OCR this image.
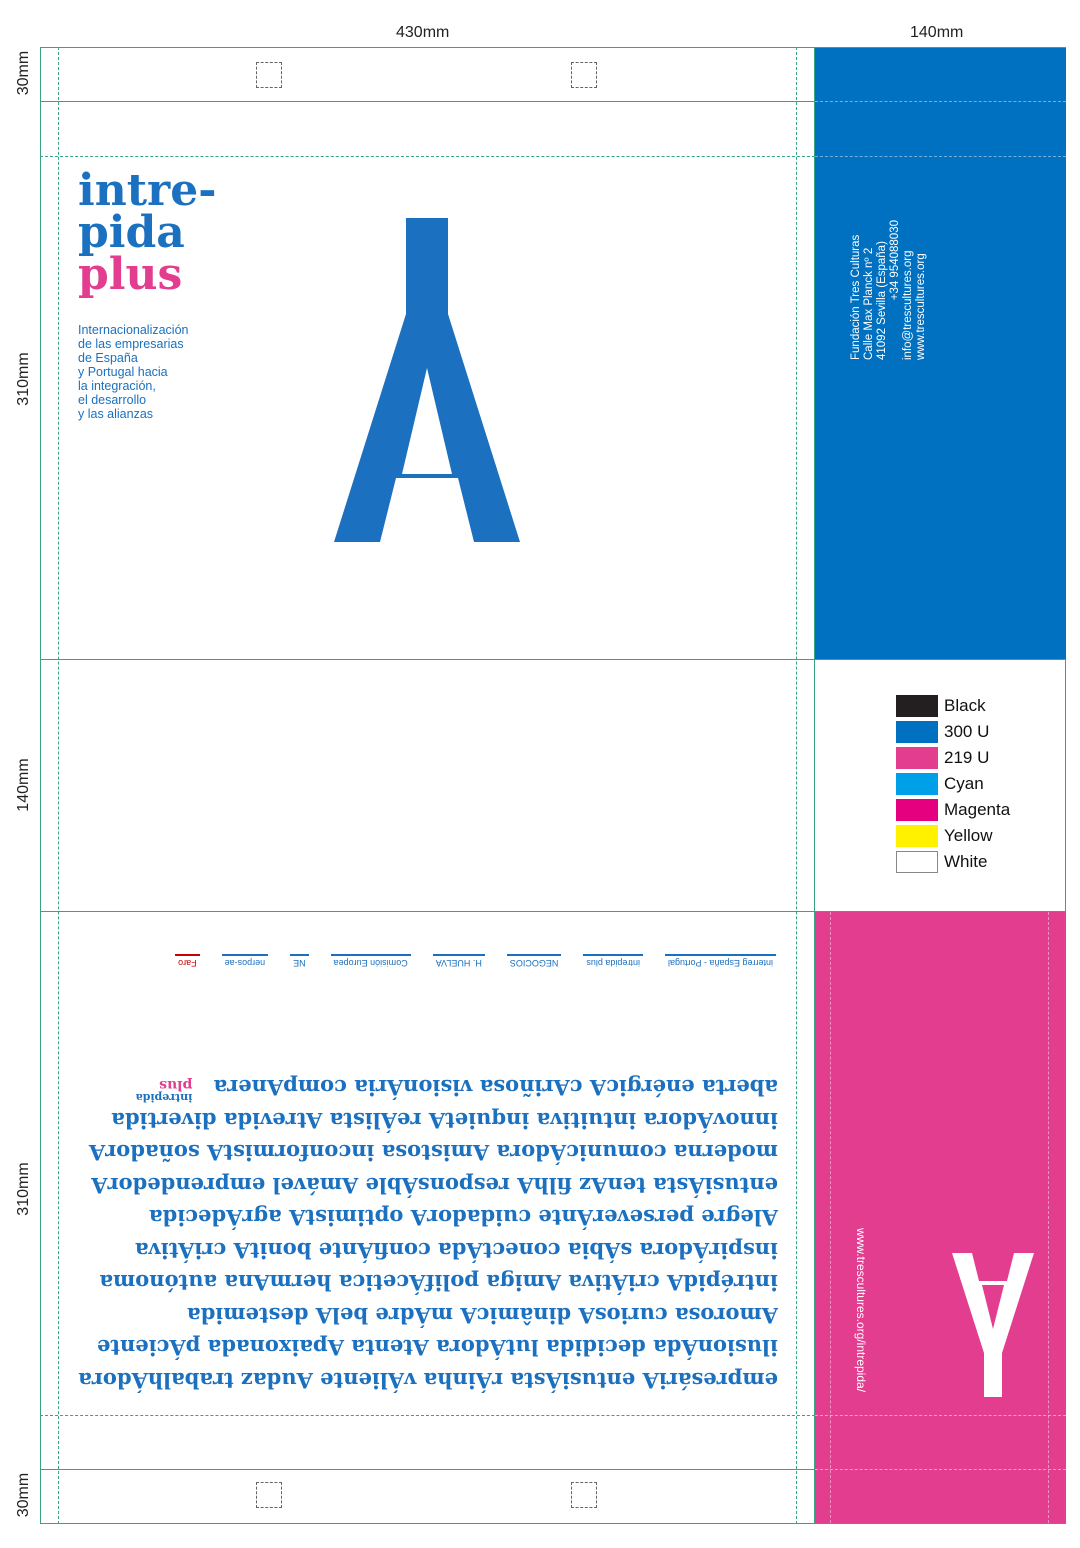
430mm	140mm
30mm
310mm
140mm
310mm
30mm
intre-
pida
plus
Internacionalización
de las empresarias
de España
y Portugal hacia
la integración,
el desarrollo
y las alianzas
Fundación Tres Culturas Calle Max Planck nº 2 41092 Sevilla (España) +34 954088030 info@trescultures.org www.trescultures.org
Black
300 U
219 U
Cyan
Magenta
Yellow
White
empresáriA entusiÁsta rÁinha vÁliente Audaz trabalhÁdora
ilusionÁda decidida lutÁdora Atenta Apaixonada pÁciente
Amorosa curiosA dinâmicA mÁdre belA destemida
intrépidA criÁtiva Amiga polifÁcetica hermAna autónoma
inspirÁdora sÁbia conectÁda confiÁnte bonitA criÁtiva
Alegre perseverÁnte cuidadorA optimistA agrÁdecida
entusiÁsta tenAz filhA responsÁble Amável emprendedorA
moderna comunicÁdora Amistosa inconformistA soñadorA
innovÁdora intuitiva inquietA reÁlista Atrevida divertida
aberta enérgicA cAriñosa visionÁria compAnera
intrepida
plus
interreg España - Portugal
intrepida plus
NEGOCIOS
H. HUELVA
Comisión Europea
NE
nerpos-ae
Faro
www.trescultures.org/intrepida/
